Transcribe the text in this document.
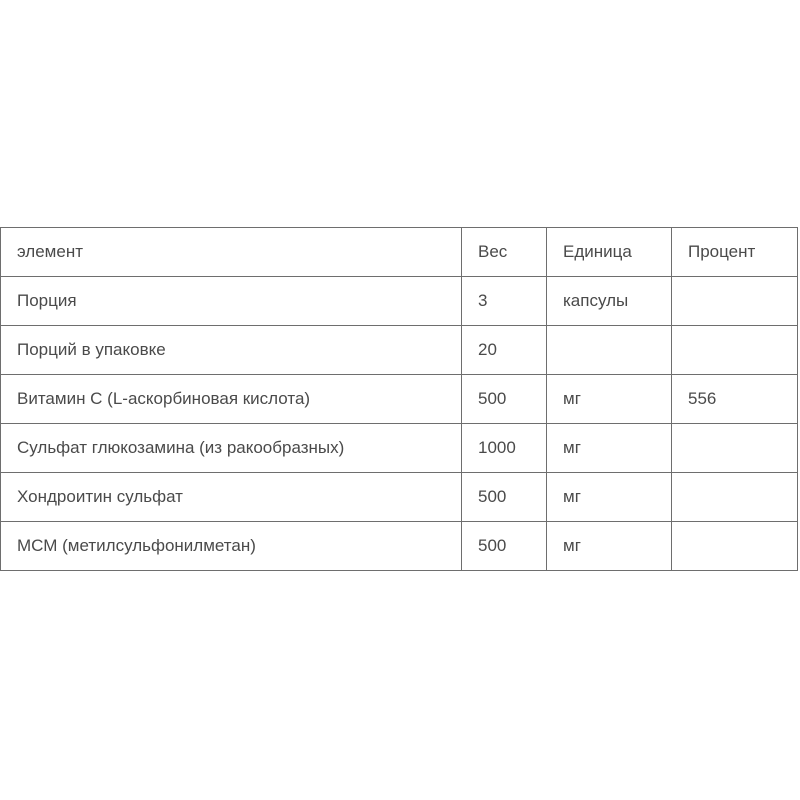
элемент	Вес	Единица	Процент
Порция	3	капсулы	
Порций в упаковке	20		
Витамин С (L-аскорбиновая кислота)	500	мг	556
Сульфат глюкозамина (из ракообразных)	1000	мг	
Хондроитин сульфат	500	мг	
МСМ (метилсульфонилметан)	500	мг	
